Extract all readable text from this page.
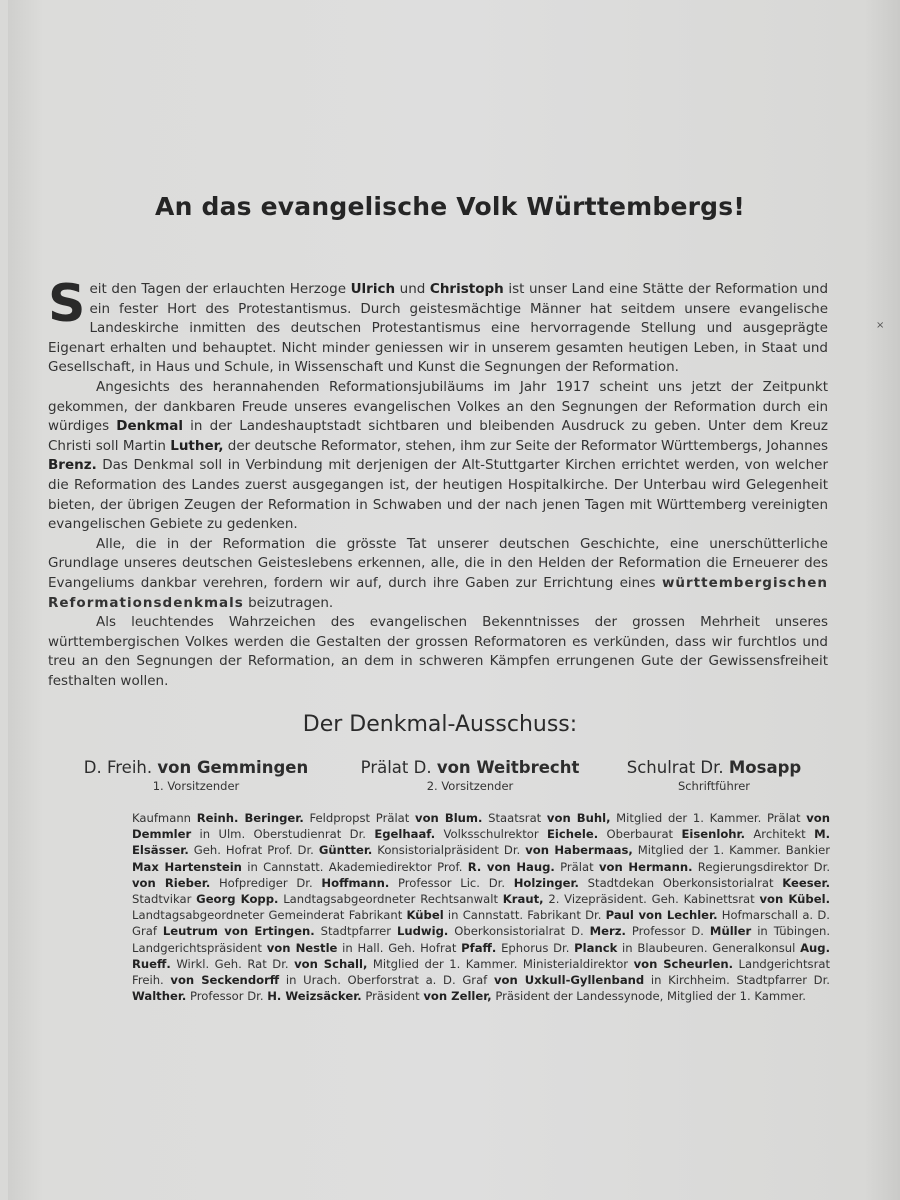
An das evangelische Volk Württembergs!

Seit den Tagen der erlauchten Herzoge Ulrich und Christoph ist unser Land eine Stätte der Reformation und ein fester Hort des Protestantismus. Durch geistesmächtige Männer hat seitdem unsere evangelische Landeskirche inmitten des deutschen Protestantismus eine hervorragende Stellung und ausgeprägte Eigenart erhalten und behauptet. Nicht minder geniessen wir in unserem gesamten heutigen Leben, in Staat und Gesellschaft, in Haus und Schule, in Wissenschaft und Kunst die Segnungen der Reformation.

Angesichts des herannahenden Reformationsjubiläums im Jahr 1917 scheint uns jetzt der Zeitpunkt gekommen, der dankbaren Freude unseres evangelischen Volkes an den Segnungen der Reformation durch ein würdiges Denkmal in der Landeshauptstadt sichtbaren und bleibenden Ausdruck zu geben. Unter dem Kreuz Christi soll Martin Luther, der deutsche Reformator, stehen, ihm zur Seite der Reformator Württembergs, Johannes Brenz. Das Denkmal soll in Verbindung mit derjenigen der Alt-Stuttgarter Kirchen errichtet werden, von welcher die Reformation des Landes zuerst ausgegangen ist, der heutigen Hospitalkirche. Der Unterbau wird Gelegenheit bieten, der übrigen Zeugen der Reformation in Schwaben und der nach jenen Tagen mit Württemberg vereinigten evangelischen Gebiete zu gedenken.

Alle, die in der Reformation die grösste Tat unserer deutschen Geschichte, eine unerschütterliche Grundlage unseres deutschen Geisteslebens erkennen, alle, die in den Helden der Reformation die Erneuerer des Evangeliums dankbar verehren, fordern wir auf, durch ihre Gaben zur Errichtung eines württembergischen Reformationsdenkmals beizutragen.

Als leuchtendes Wahrzeichen des evangelischen Bekenntnisses der grossen Mehrheit unseres württembergischen Volkes werden die Gestalten der grossen Reformatoren es verkünden, dass wir furchtlos und treu an den Segnungen der Reformation, an dem in schweren Kämpfen errungenen Gute der Gewissensfreiheit festhalten wollen.

Der Denkmal-Ausschuss:
D. Freih. von Gemmingen
1. Vorsitzender
Prälat D. von Weitbrecht
2. Vorsitzender
Schulrat Dr. Mosapp
Schriftführer
Kaufmann Reinh. Beringer. Feldpropst Prälat von Blum. Staatsrat von Buhl, Mitglied der 1. Kammer. Prälat von Demmler in Ulm. Oberstudienrat Dr. Egelhaaf. Volksschulrektor Eichele. Oberbaurat Eisenlohr. Architekt M. Elsässer. Geh. Hofrat Prof. Dr. Güntter. Konsistorialpräsident Dr. von Habermaas, Mitglied der 1. Kammer. Bankier Max Hartenstein in Cannstatt. Akademiedirektor Prof. R. von Haug. Prälat von Hermann. Regierungsdirektor Dr. von Rieber. Hofprediger Dr. Hoffmann. Professor Lic. Dr. Holzinger. Stadtdekan Oberkonsistorialrat Keeser. Stadtvikar Georg Kopp. Landtagsabgeordneter Rechtsanwalt Kraut, 2. Vizepräsident. Geh. Kabinettsrat von Kübel. Landtagsabgeordneter Gemeinderat Fabrikant Kübel in Cannstatt. Fabrikant Dr. Paul von Lechler. Hofmarschall a. D. Graf Leutrum von Ertingen. Stadtpfarrer Ludwig. Oberkonsistorialrat D. Merz. Professor D. Müller in Tübingen. Landgerichtspräsident von Nestle in Hall. Geh. Hofrat Pfaff. Ephorus Dr. Planck in Blaubeuren. Generalkonsul Aug. Rueff. Wirkl. Geh. Rat Dr. von Schall, Mitglied der 1. Kammer. Ministerialdirektor von Scheurlen. Landgerichtsrat Freih. von Seckendorff in Urach. Oberforstrat a. D. Graf von Uxkull-Gyllenband in Kirchheim. Stadtpfarrer Dr. Walther. Professor Dr. H. Weizsäcker. Präsident von Zeller, Präsident der Landessynode, Mitglied der 1. Kammer.
×
